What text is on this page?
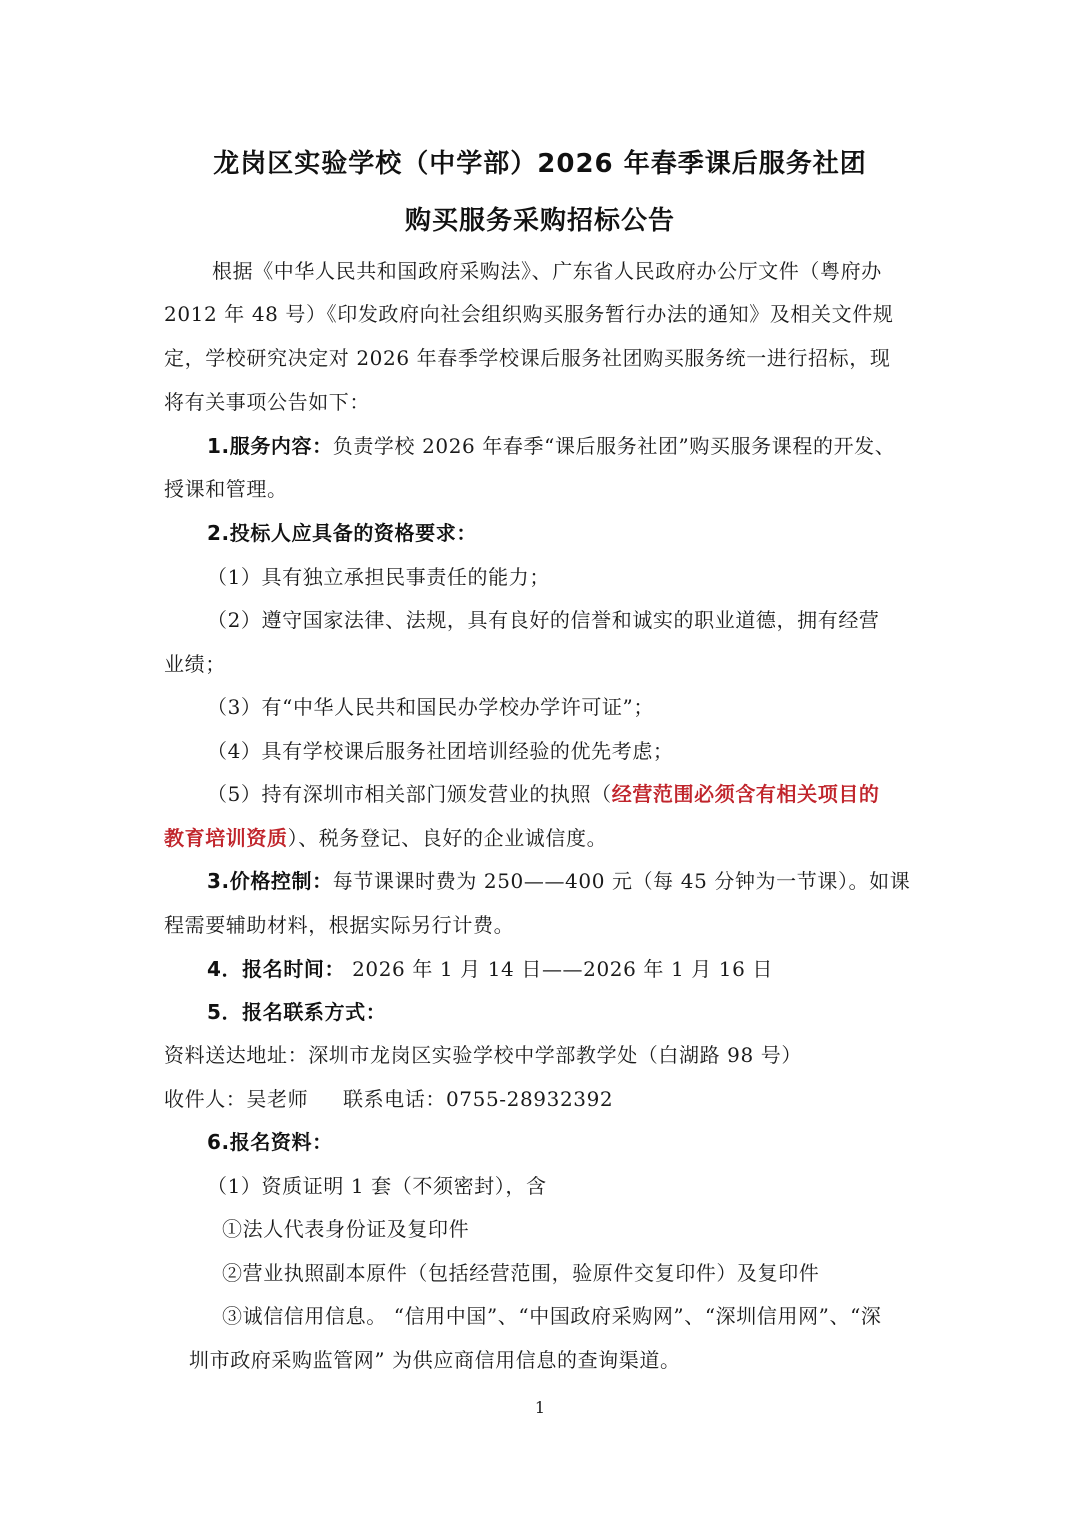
龙岗区实验学校（中学部）2026 年春季课后服务社团
购买服务采购招标公告
根据《中华人民共和国政府采购法》、广东省人民政府办公厅文件（粤府办
2012 年 48 号）《印发政府向社会组织购买服务暂行办法的通知》及相关文件规
定，学校研究决定对 2026 年春季学校课后服务社团购买服务统一进行招标，现
将有关事项公告如下：
1.服务内容：负责学校 2026 年春季“课后服务社团”购买服务课程的开发、
授课和管理。
2.投标人应具备的资格要求：
（1）具有独立承担民事责任的能力；
（2）遵守国家法律、法规，具有良好的信誉和诚实的职业道德，拥有经营
业绩；
（3）有“中华人民共和国民办学校办学许可证”；
（4）具有学校课后服务社团培训经验的优先考虑；
（5）持有深圳市相关部门颁发营业的执照（经营范围必须含有相关项目的
教育培训资质）、税务登记、良好的企业诚信度。
3.价格控制：每节课课时费为 250——400 元（每 45 分钟为一节课）。如课
程需要辅助材料，根据实际另行计费。
4．报名时间： 2026 年 1 月 14 日——2026 年 1 月 16 日
5．报名联系方式：
资料送达地址：深圳市龙岗区实验学校中学部教学处（白湖路 98 号）
收件人：吴老师     联系电话：0755-28932392
6.报名资料：
（1）资质证明 1 套（不须密封），含
①法人代表身份证及复印件
②营业执照副本原件（包括经营范围，验原件交复印件）及复印件
③诚信信用信息。 “信用中国”、“中国政府采购网”、“深圳信用网”、“深
圳市政府采购监管网” 为供应商信用信息的查询渠道。
1
